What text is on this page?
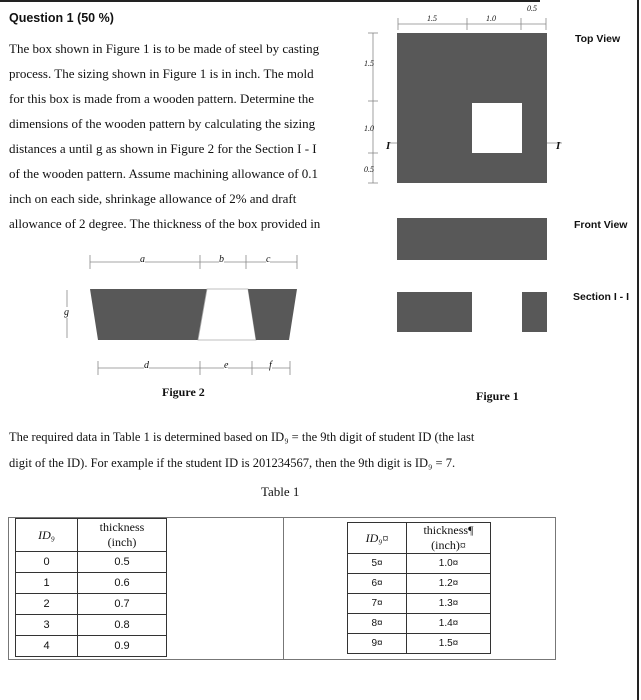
Question 1 (50 %)

The box shown in Figure 1 is to be made of steel by casting

process. The sizing shown in Figure 1 is in inch. The mold

for this box is made from a wooden pattern. Determine the

dimensions of the wooden pattern by calculating the sizing

distances a until g as shown in Figure 2 for the Section I - I

of the wooden pattern. Assume machining allowance of 0.1

inch on each side, shrinkage allowance of 2% and draft

allowance of 2 degree. The thickness of the box provided in

1.5	1.0
0.5
1.5
1.0
0.5
I	I
Top View
Front View
Section I - I
Figure 1
a	b	c
d	e	f
g
Figure 2

The required data in Table 1 is determined based on ID₉ = the 9th digit of student ID (the last

digit of the ID). For example if the student ID is 201234567, then the 9th digit is ID₉ = 7.

Table 1
ID₉	thickness
(inch)
0	0.5
1	0.6
2	0.7
3	0.8
4	0.9
ID₉¤	thickness¶
(inch)¤
5¤	1.0¤
6¤	1.2¤
7¤	1.3¤
8¤	1.4¤
9¤	1.5¤
